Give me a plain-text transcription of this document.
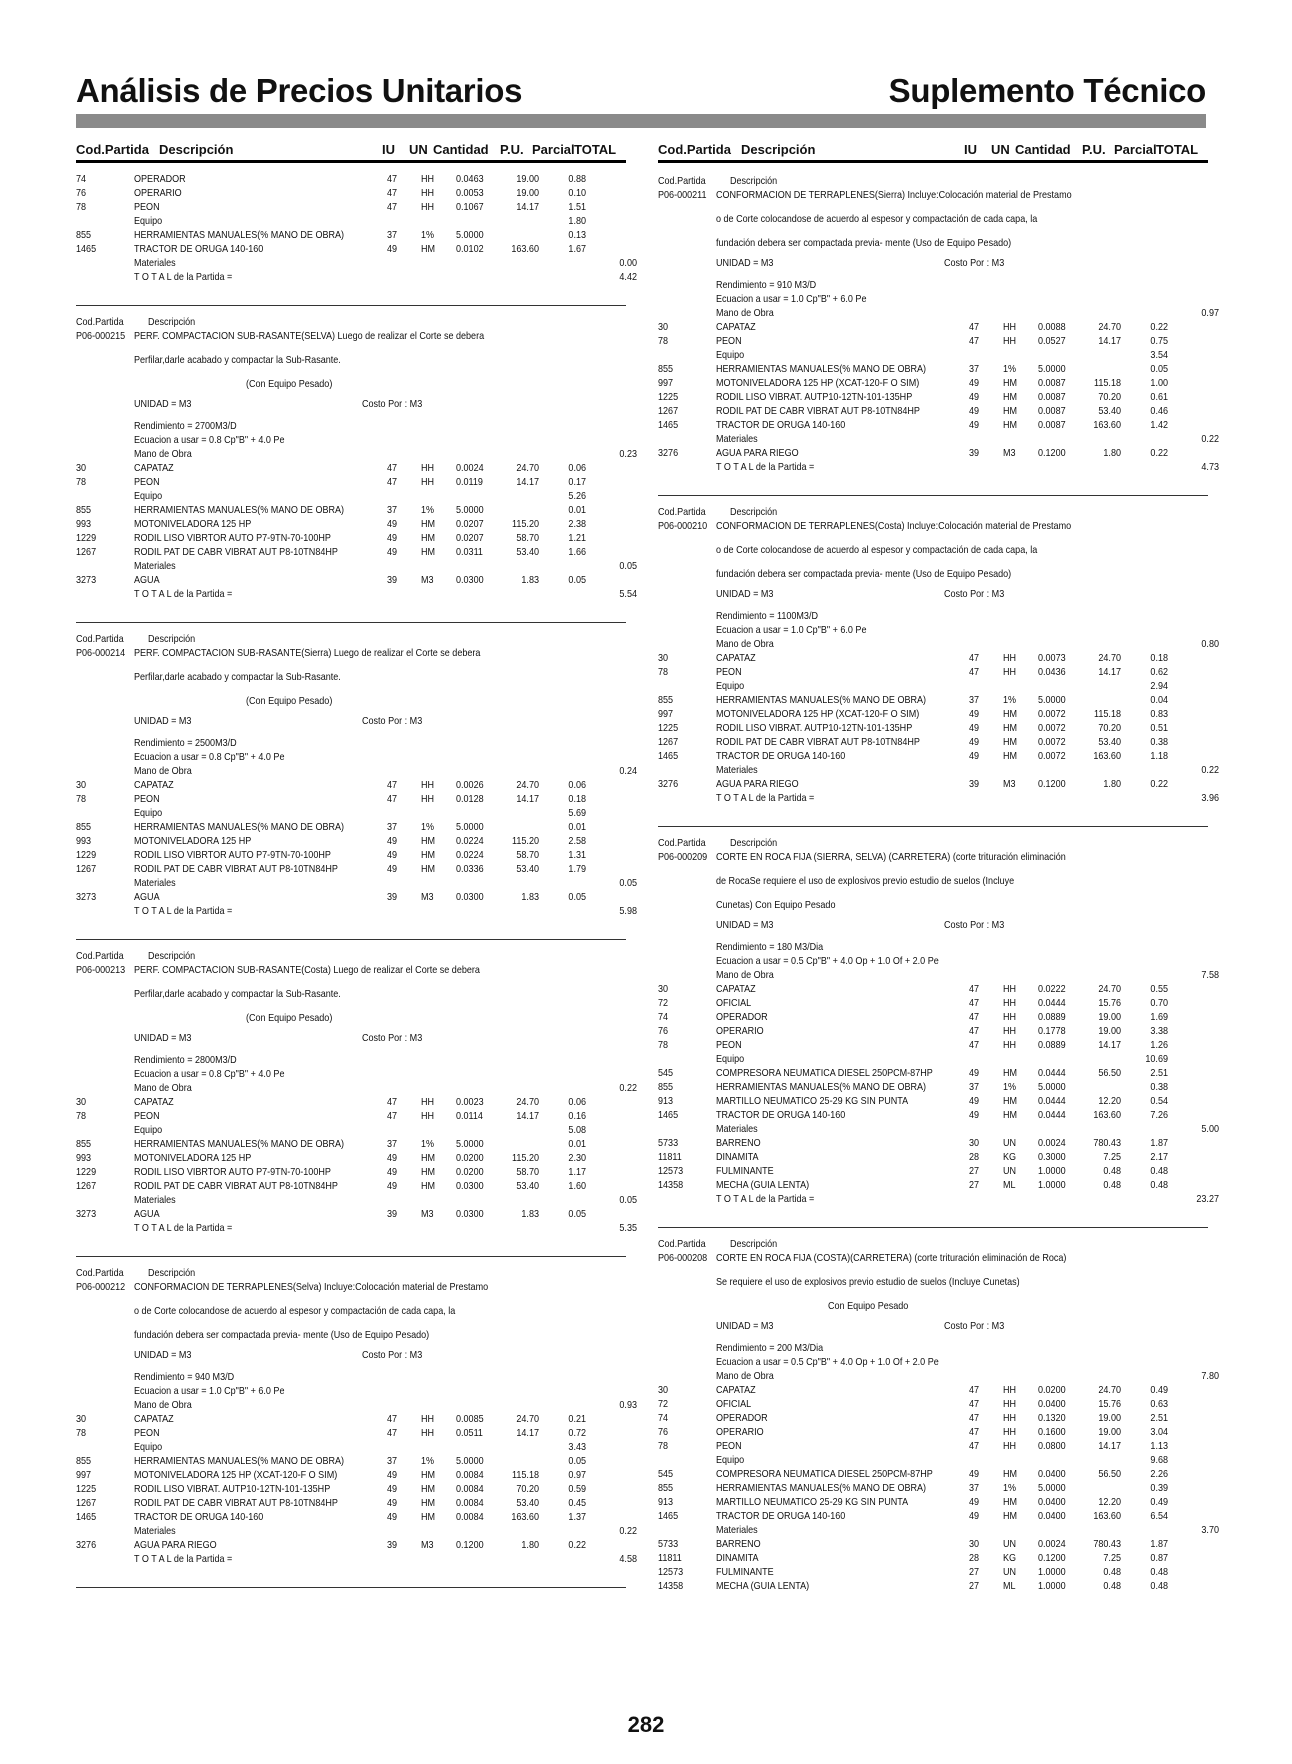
Análisis de Precios Unitarios	Suplemento Técnico
Cod.Partida Descripción	IU UN Cantidad P.U. Parcial TOTAL
74	OPERADOR	47 HH 0.0463	19.00	0.88
76	OPERARIO	47 HH 0.0053	19.00	0.10
78	PEON	47 HH 0.1067	14.17	1.51
Equipo	1.80
855	HERRAMIENTAS MANUALES(% MANO DE OBRA)	37 1% 5.0000	0.13
1465	TRACTOR DE ORUGA 140-160	49 HM 0.0102	163.60	1.67
Materiales	0.00
T O T A L de la Partida =	4.42
Cod.Partida Descripción
P06-000215 PERF. COMPACTACION SUB-RASANTE(SELVA) Luego de realizar el Corte se debera
Perfilar,darle acabado y compactar la Sub-Rasante.
(Con Equipo Pesado)
UNIDAD = M3	Costo Por : M3
Rendimiento = 2700M3/D
Ecuacion a usar = 0.8 Cp"B" + 4.0 Pe
Mano de Obra	0.23
30	CAPATAZ	47 HH 0.0024	24.70	0.06
78	PEON	47 HH 0.0119	14.17	0.17
Equipo	5.26
855	HERRAMIENTAS MANUALES(% MANO DE OBRA)	37 1% 5.0000	0.01
993	MOTONIVELADORA 125 HP	49 HM 0.0207	115.20	2.38
1229	RODIL LISO VIBRTOR AUTO P7-9TN-70-100HP	49 HM 0.0207	58.70	1.21
1267	RODIL PAT DE CABR VIBRAT AUT P8-10TN84HP	49 HM 0.0311	53.40	1.66
Materiales	0.05
3273	AGUA	39 M3 0.0300	1.83	0.05
T O T A L de la Partida =	5.54
Cod.Partida Descripción
P06-000214 PERF. COMPACTACION SUB-RASANTE(Sierra) Luego de realizar el Corte se debera
Perfilar,darle acabado y compactar la Sub-Rasante.
(Con Equipo Pesado)
UNIDAD = M3	Costo Por : M3
Rendimiento = 2500M3/D
Ecuacion a usar = 0.8 Cp"B" + 4.0 Pe
Mano de Obra	0.24
30	CAPATAZ	47 HH 0.0026	24.70	0.06
78	PEON	47 HH 0.0128	14.17	0.18
Equipo	5.69
855	HERRAMIENTAS MANUALES(% MANO DE OBRA)	37 1% 5.0000	0.01
993	MOTONIVELADORA 125 HP	49 HM 0.0224	115.20	2.58
1229	RODIL LISO VIBRTOR AUTO P7-9TN-70-100HP	49 HM 0.0224	58.70	1.31
1267	RODIL PAT DE CABR VIBRAT AUT P8-10TN84HP	49 HM 0.0336	53.40	1.79
Materiales	0.05
3273	AGUA	39 M3 0.0300	1.83	0.05
T O T A L de la Partida =	5.98
Cod.Partida Descripción
P06-000213 PERF. COMPACTACION SUB-RASANTE(Costa) Luego de realizar el Corte se debera
Perfilar,darle acabado y compactar la Sub-Rasante.
(Con Equipo Pesado)
UNIDAD = M3	Costo Por : M3
Rendimiento = 2800M3/D
Ecuacion a usar = 0.8 Cp"B" + 4.0 Pe
Mano de Obra	0.22
30	CAPATAZ	47 HH 0.0023	24.70	0.06
78	PEON	47 HH 0.0114	14.17	0.16
Equipo	5.08
855	HERRAMIENTAS MANUALES(% MANO DE OBRA)	37 1% 5.0000	0.01
993	MOTONIVELADORA 125 HP	49 HM 0.0200	115.20	2.30
1229	RODIL LISO VIBRTOR AUTO P7-9TN-70-100HP	49 HM 0.0200	58.70	1.17
1267	RODIL PAT DE CABR VIBRAT AUT P8-10TN84HP	49 HM 0.0300	53.40	1.60
Materiales	0.05
3273	AGUA	39 M3 0.0300	1.83	0.05
T O T A L de la Partida =	5.35
Cod.Partida Descripción
P06-000212 CONFORMACION DE TERRAPLENES(Selva) Incluye:Colocación material de Prestamo
o de Corte colocandose de acuerdo al espesor y compactación de cada capa, la
fundación debera ser compactada previa- mente (Uso de Equipo Pesado)
UNIDAD = M3	Costo Por : M3
Rendimiento = 940 M3/D
Ecuacion a usar = 1.0 Cp"B" + 6.0 Pe
Mano de Obra	0.93
30	CAPATAZ	47 HH 0.0085	24.70	0.21
78	PEON	47 HH 0.0511	14.17	0.72
Equipo	3.43
855	HERRAMIENTAS MANUALES(% MANO DE OBRA)	37 1% 5.0000	0.05
997	MOTONIVELADORA 125 HP (XCAT-120-F O SIM)	49 HM 0.0084	115.18	0.97
1225	RODIL LISO VIBRAT. AUTP10-12TN-101-135HP	49 HM 0.0084	70.20	0.59
1267	RODIL PAT DE CABR VIBRAT AUT P8-10TN84HP	49 HM 0.0084	53.40	0.45
1465	TRACTOR DE ORUGA 140-160	49 HM 0.0084	163.60	1.37
Materiales	0.22
3276	AGUA PARA RIEGO	39 M3 0.1200	1.80	0.22
T O T A L de la Partida =	4.58
Cod.Partida Descripción	IU UN Cantidad P.U. Parcial TOTAL
Cod.Partida Descripción
P06-000211 CONFORMACION DE TERRAPLENES(Sierra) Incluye:Colocación material de Prestamo
o de Corte colocandose de acuerdo al espesor y compactación de cada capa, la
fundación debera ser compactada previa- mente (Uso de Equipo Pesado)
UNIDAD = M3	Costo Por : M3
Rendimiento = 910 M3/D
Ecuacion a usar = 1.0 Cp"B" + 6.0 Pe
Mano de Obra	0.97
30	CAPATAZ	47 HH 0.0088	24.70	0.22
78	PEON	47 HH 0.0527	14.17	0.75
Equipo	3.54
855	HERRAMIENTAS MANUALES(% MANO DE OBRA)	37 1% 5.0000	0.05
997	MOTONIVELADORA 125 HP (XCAT-120-F O SIM)	49 HM 0.0087	115.18	1.00
1225	RODIL LISO VIBRAT. AUTP10-12TN-101-135HP	49 HM 0.0087	70.20	0.61
1267	RODIL PAT DE CABR VIBRAT AUT P8-10TN84HP	49 HM 0.0087	53.40	0.46
1465	TRACTOR DE ORUGA 140-160	49 HM 0.0087	163.60	1.42
Materiales	0.22
3276	AGUA PARA RIEGO	39 M3 0.1200	1.80	0.22
T O T A L de la Partida =	4.73
Cod.Partida Descripción
P06-000210 CONFORMACION DE TERRAPLENES(Costa) Incluye:Colocación material de Prestamo
o de Corte colocandose de acuerdo al espesor y compactación de cada capa, la
fundación debera ser compactada previa- mente (Uso de Equipo Pesado)
UNIDAD = M3	Costo Por : M3
Rendimiento = 1100M3/D
Ecuacion a usar = 1.0 Cp"B" + 6.0 Pe
Mano de Obra	0.80
30	CAPATAZ	47 HH 0.0073	24.70	0.18
78	PEON	47 HH 0.0436	14.17	0.62
Equipo	2.94
855	HERRAMIENTAS MANUALES(% MANO DE OBRA)	37 1% 5.0000	0.04
997	MOTONIVELADORA 125 HP (XCAT-120-F O SIM)	49 HM 0.0072	115.18	0.83
1225	RODIL LISO VIBRAT. AUTP10-12TN-101-135HP	49 HM 0.0072	70.20	0.51
1267	RODIL PAT DE CABR VIBRAT AUT P8-10TN84HP	49 HM 0.0072	53.40	0.38
1465	TRACTOR DE ORUGA 140-160	49 HM 0.0072	163.60	1.18
Materiales	0.22
3276	AGUA PARA RIEGO	39 M3 0.1200	1.80	0.22
T O T A L de la Partida =	3.96
Cod.Partida Descripción
P06-000209 CORTE EN ROCA FIJA (SIERRA, SELVA) (CARRETERA) (corte trituración eliminación
de RocaSe requiere el uso de explosivos previo estudio de suelos (Incluye
Cunetas) Con Equipo Pesado
UNIDAD = M3	Costo Por : M3
Rendimiento = 180 M3/Dia
Ecuacion a usar = 0.5 Cp"B" + 4.0 Op + 1.0 Of + 2.0 Pe
Mano de Obra	7.58
30	CAPATAZ	47 HH 0.0222	24.70	0.55
72	OFICIAL	47 HH 0.0444	15.76	0.70
74	OPERADOR	47 HH 0.0889	19.00	1.69
76	OPERARIO	47 HH 0.1778	19.00	3.38
78	PEON	47 HH 0.0889	14.17	1.26
Equipo	10.69
545	COMPRESORA NEUMATICA DIESEL 250PCM-87HP	49 HM 0.0444	56.50	2.51
855	HERRAMIENTAS MANUALES(% MANO DE OBRA)	37 1% 5.0000	0.38
913	MARTILLO NEUMATICO 25-29 KG SIN PUNTA	49 HM 0.0444	12.20	0.54
1465	TRACTOR DE ORUGA 140-160	49 HM 0.0444	163.60	7.26
Materiales	5.00
5733	BARRENO	30 UN 0.0024	780.43	1.87
11811	DINAMITA	28 KG 0.3000	7.25	2.17
12573	FULMINANTE	27 UN 1.0000	0.48	0.48
14358	MECHA (GUIA LENTA)	27 ML 1.0000	0.48	0.48
T O T A L de la Partida =	23.27
Cod.Partida Descripción
P06-000208 CORTE EN ROCA FIJA (COSTA)(CARRETERA) (corte trituración eliminación de Roca)
Se requiere el uso de explosivos previo estudio de suelos (Incluye Cunetas)
Con Equipo Pesado
UNIDAD = M3	Costo Por : M3
Rendimiento = 200 M3/Dia
Ecuacion a usar = 0.5 Cp"B" + 4.0 Op + 1.0 Of + 2.0 Pe
Mano de Obra	7.80
30	CAPATAZ	47 HH 0.0200	24.70	0.49
72	OFICIAL	47 HH 0.0400	15.76	0.63
74	OPERADOR	47 HH 0.1320	19.00	2.51
76	OPERARIO	47 HH 0.1600	19.00	3.04
78	PEON	47 HH 0.0800	14.17	1.13
Equipo	9.68
545	COMPRESORA NEUMATICA DIESEL 250PCM-87HP	49 HM 0.0400	56.50	2.26
855	HERRAMIENTAS MANUALES(% MANO DE OBRA)	37 1% 5.0000	0.39
913	MARTILLO NEUMATICO 25-29 KG SIN PUNTA	49 HM 0.0400	12.20	0.49
1465	TRACTOR DE ORUGA 140-160	49 HM 0.0400	163.60	6.54
Materiales	3.70
5733	BARRENO	30 UN 0.0024	780.43	1.87
11811	DINAMITA	28 KG 0.1200	7.25	0.87
12573	FULMINANTE	27 UN 1.0000	0.48	0.48
14358	MECHA (GUIA LENTA)	27 ML 1.0000	0.48	0.48
282
